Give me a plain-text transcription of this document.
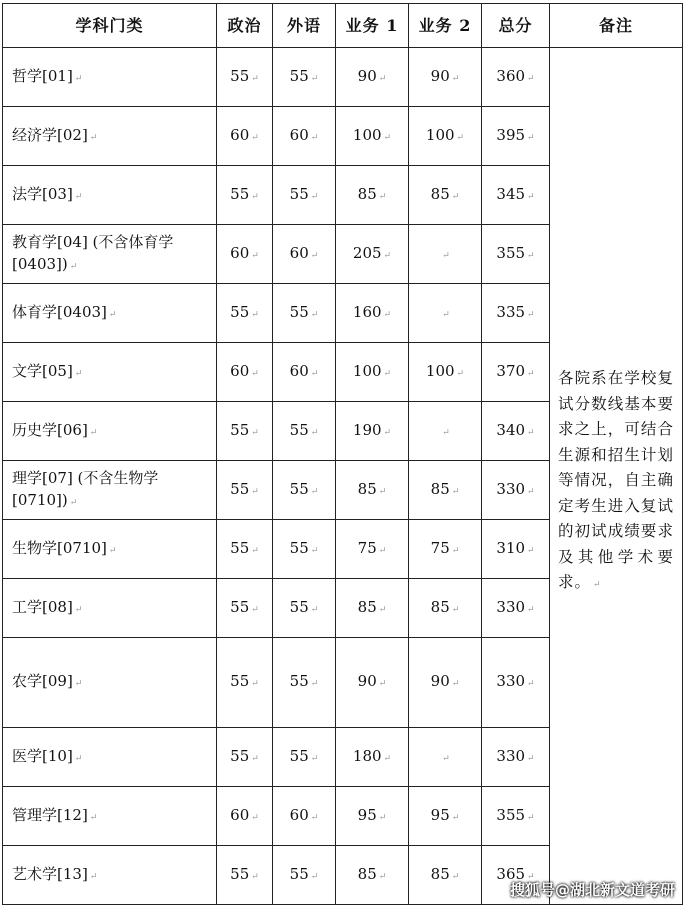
学科门类	政治	外语	业务 1	业务 2	总分	备注
哲学[01] ↵	55 ↵	55 ↵	90 ↵	90 ↵	360 ↵	各院系在学校复试分数线基本要求之上，可结合生源和招生计划等情况，自主确定考生进入复试的初试成绩要求及其他学术要求。 ↵
经济学[02] ↵	60 ↵	60 ↵	100 ↵	100 ↵	395 ↵	
法学[03] ↵	55 ↵	55 ↵	85 ↵	85 ↵	345 ↵	
教育学[04] (不含体育学[0403]) ↵	60 ↵	60 ↵	205 ↵	↵	355 ↵	
体育学[0403] ↵	55 ↵	55 ↵	160 ↵	↵	335 ↵	
文学[05] ↵	60 ↵	60 ↵	100 ↵	100 ↵	370 ↵	
历史学[06] ↵	55 ↵	55 ↵	190 ↵	↵	340 ↵	
理学[07] (不含生物学[0710]) ↵	55 ↵	55 ↵	85 ↵	85 ↵	330 ↵	
生物学[0710] ↵	55 ↵	55 ↵	75 ↵	75 ↵	310 ↵	
工学[08] ↵	55 ↵	55 ↵	85 ↵	85 ↵	330 ↵	
农学[09] ↵	55 ↵	55 ↵	90 ↵	90 ↵	330 ↵	
医学[10] ↵	55 ↵	55 ↵	180 ↵	↵	330 ↵	
管理学[12] ↵	60 ↵	60 ↵	95 ↵	95 ↵	355 ↵	
艺术学[13] ↵	55 ↵	55 ↵	85 ↵	85 ↵	365 ↵	
搜狐号@湖北新文道考研
